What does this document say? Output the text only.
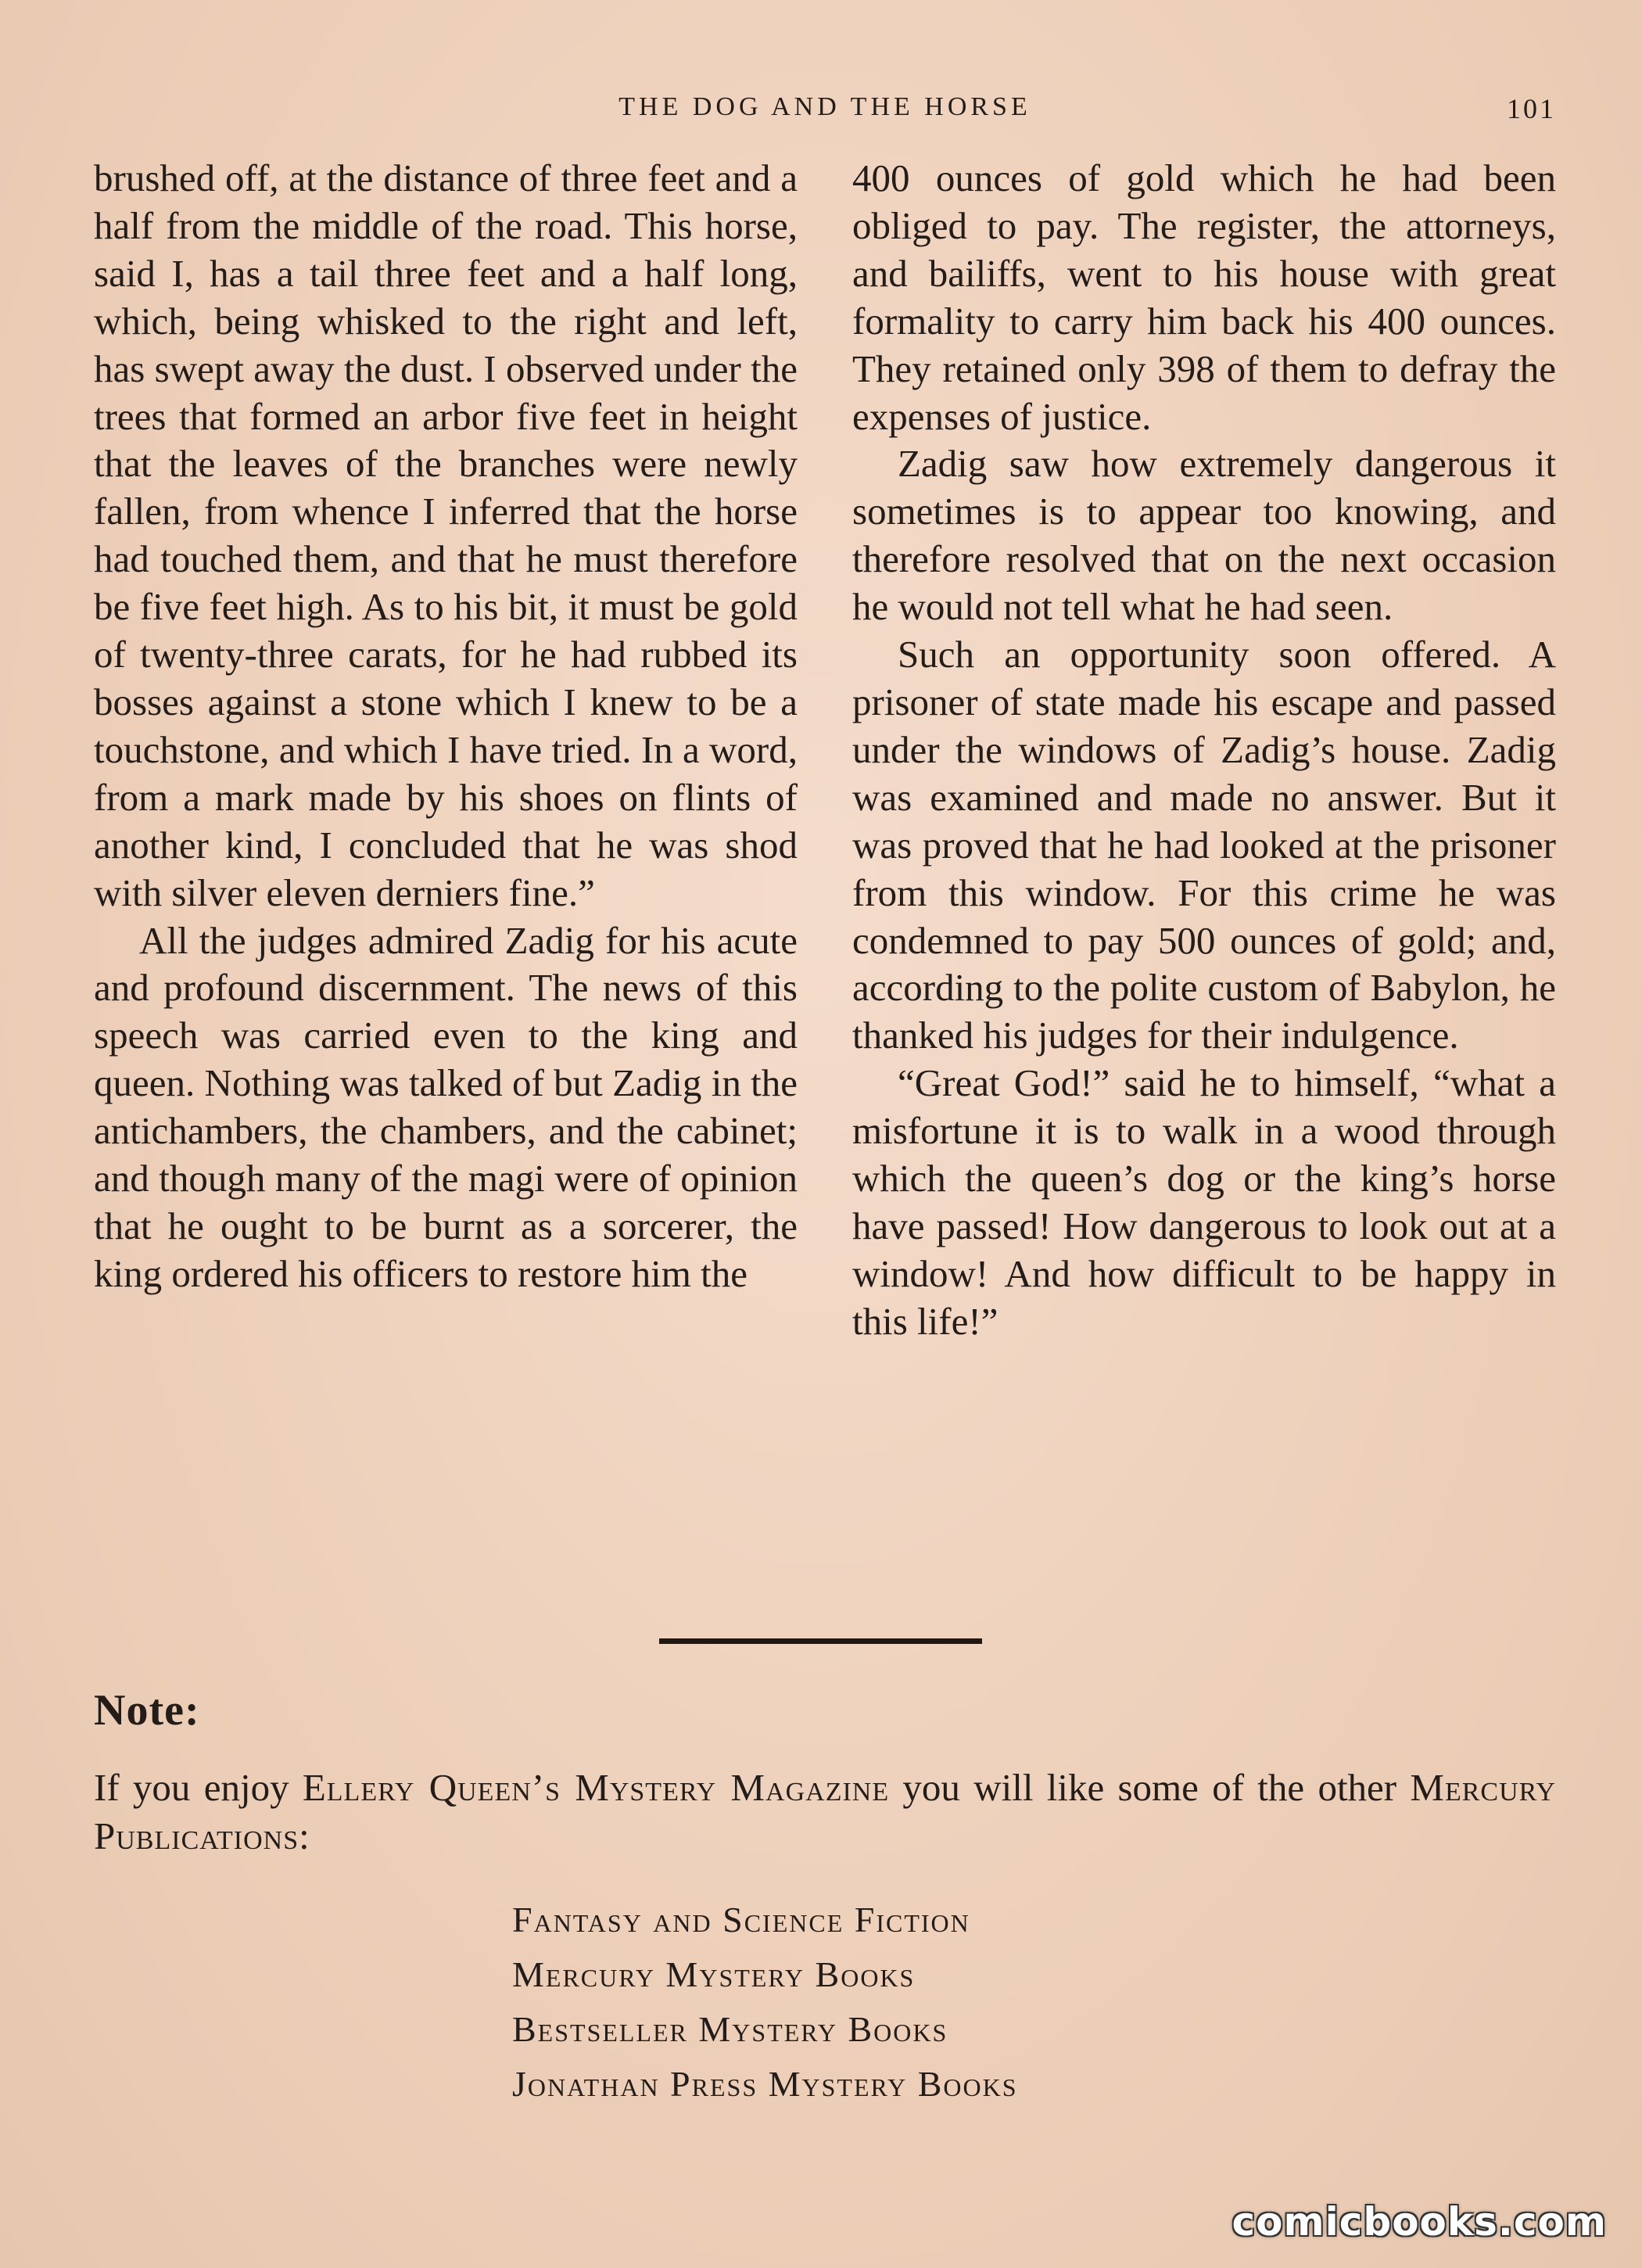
THE DOG AND THE HORSE	101

brushed off, at the distance of three feet and a half from the middle of the road. This horse, said I, has a tail three feet and a half long, which, being whisked to the right and left, has swept away the dust. I observed under the trees that formed an arbor five feet in height that the leaves of the branches were newly fallen, from whence I inferred that the horse had touched them, and that he must therefore be five feet high. As to his bit, it must be gold of twenty-three carats, for he had rubbed its bosses against a stone which I knew to be a touchstone, and which I have tried. In a word, from a mark made by his shoes on flints of another kind, I concluded that he was shod with silver eleven derniers fine.”

All the judges admired Zadig for his acute and profound discernment. The news of this speech was carried even to the king and queen. Nothing was talked of but Zadig in the antichambers, the chambers, and the cabinet; and though many of the magi were of opinion that he ought to be burnt as a sorcerer, the king ordered his officers to restore him the

400 ounces of gold which he had been obliged to pay. The register, the attorneys, and bailiffs, went to his house with great formality to carry him back his 400 ounces. They retained only 398 of them to defray the expenses of justice.

Zadig saw how extremely dangerous it sometimes is to appear too knowing, and therefore resolved that on the next occasion he would not tell what he had seen.

Such an opportunity soon offered. A prisoner of state made his escape and passed under the windows of Zadig’s house. Zadig was examined and made no answer. But it was proved that he had looked at the prisoner from this window. For this crime he was condemned to pay 500 ounces of gold; and, according to the polite custom of Babylon, he thanked his judges for their indulgence.

“Great God!” said he to himself, “what a misfortune it is to walk in a wood through which the queen’s dog or the king’s horse have passed! How dangerous to look out at a window! And how difficult to be happy in this life!”

Note:
If you enjoy Ellery Queen’s Mystery Magazine you will like some of the other Mercury Publications:
Fantasy and Science Fiction
Mercury Mystery Books
Bestseller Mystery Books
Jonathan Press Mystery Books
comicbooks.com
